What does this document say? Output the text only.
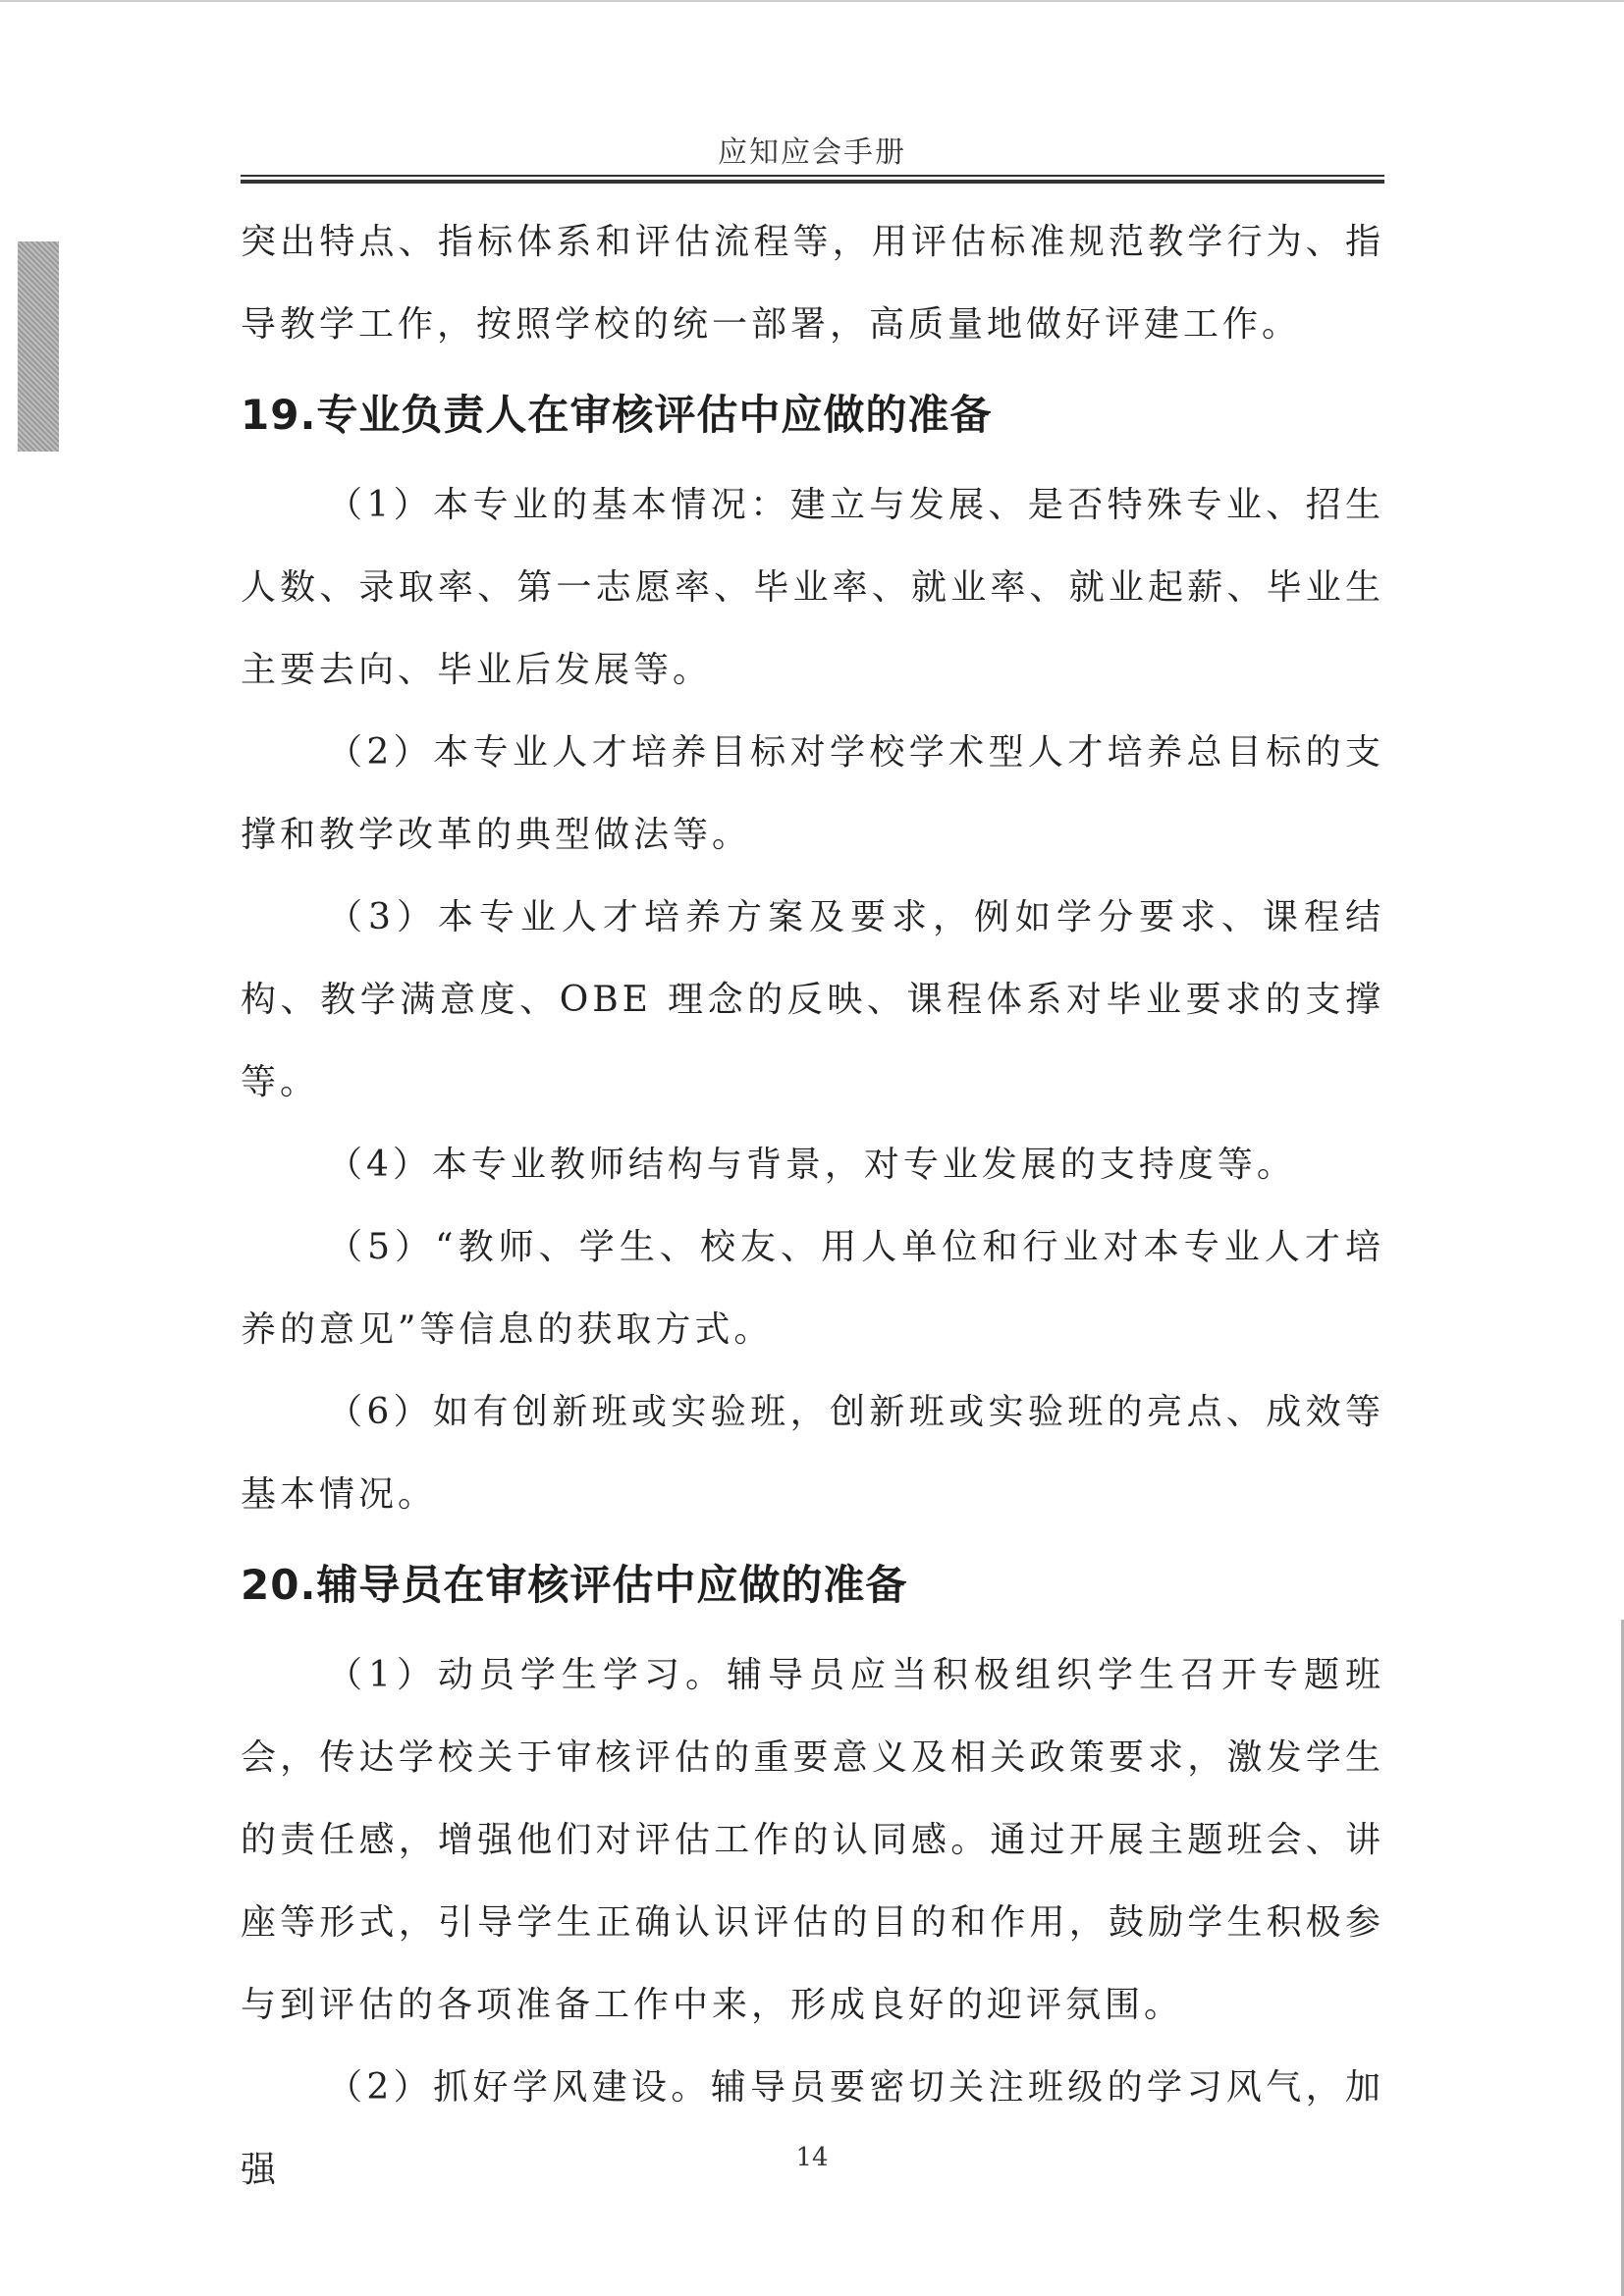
应知应会手册

突出特点、指标体系和评估流程等，用评估标准规范教学行为、指导教学工作，按照学校的统一部署，高质量地做好评建工作。

19.专业负责人在审核评估中应做的准备

（1）本专业的基本情况：建立与发展、是否特殊专业、招生人数、录取率、第一志愿率、毕业率、就业率、就业起薪、毕业生主要去向、毕业后发展等。

（2）本专业人才培养目标对学校学术型人才培养总目标的支撑和教学改革的典型做法等。

（3）本专业人才培养方案及要求，例如学分要求、课程结构、教学满意度、OBE 理念的反映、课程体系对毕业要求的支撑等。

（4）本专业教师结构与背景，对专业发展的支持度等。

（5）“教师、学生、校友、用人单位和行业对本专业人才培养的意见”等信息的获取方式。

（6）如有创新班或实验班，创新班或实验班的亮点、成效等基本情况。

20.辅导员在审核评估中应做的准备

（1）动员学生学习。辅导员应当积极组织学生召开专题班会，传达学校关于审核评估的重要意义及相关政策要求，激发学生的责任感，增强他们对评估工作的认同感。通过开展主题班会、讲座等形式，引导学生正确认识评估的目的和作用，鼓励学生积极参与到评估的各项准备工作中来，形成良好的迎评氛围。

（2）抓好学风建设。辅导员要密切关注班级的学习风气，加强	14
